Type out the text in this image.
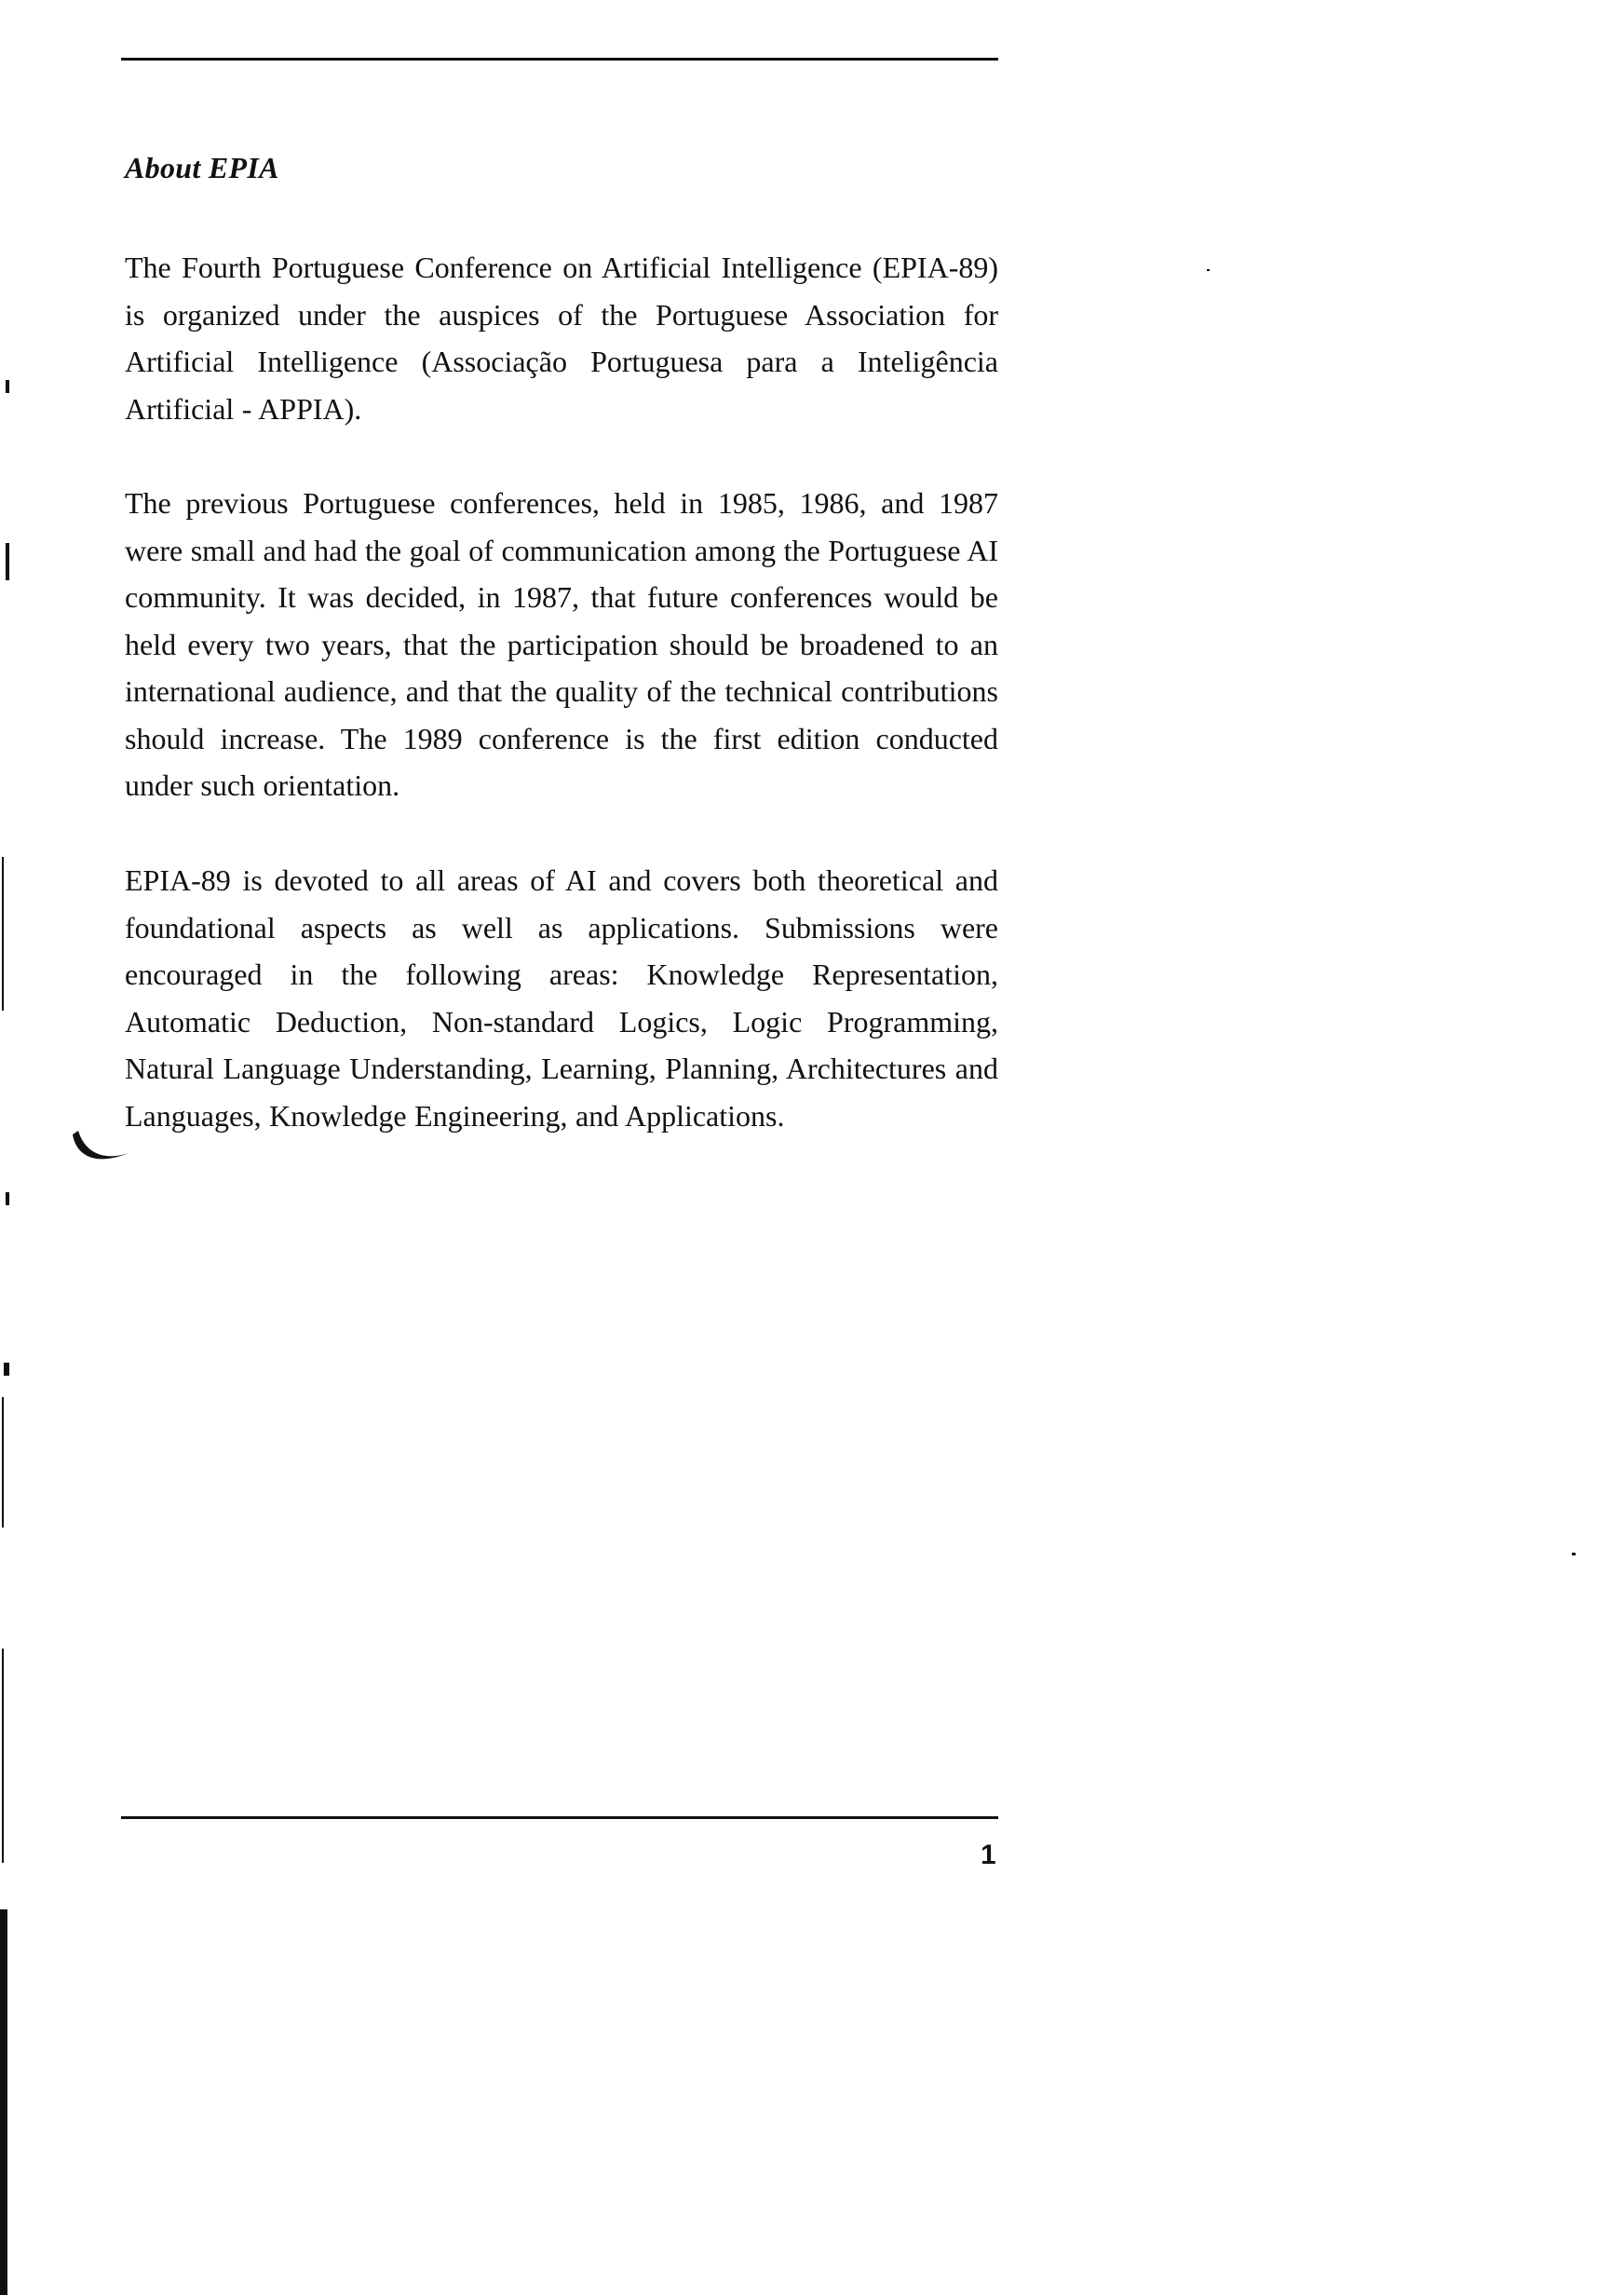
About EPIA

The Fourth Portuguese Conference on Artificial Intelligence (EPIA-89) is organized under the auspices of the Portuguese Association for Artificial Intelligence (Associação Portuguesa para a Inteligência Artificial - APPIA).

The previous Portuguese conferences, held in 1985, 1986, and 1987 were small and had the goal of communication among the Portuguese AI community. It was decided, in 1987, that future conferences would be held every two years, that the participation should be broadened to an international audience, and that the quality of the technical contributions should increase. The 1989 conference is the first edition conducted under such orientation.

EPIA-89 is devoted to all areas of AI and covers both theoretical and foundational aspects as well as applications. Submissions were encouraged in the following areas: Knowledge Representation, Automatic Deduction, Non-standard Logics, Logic Programming, Natural Language Understanding, Learning, Planning, Architectures and Languages, Knowledge Engineering, and Applications.

1
